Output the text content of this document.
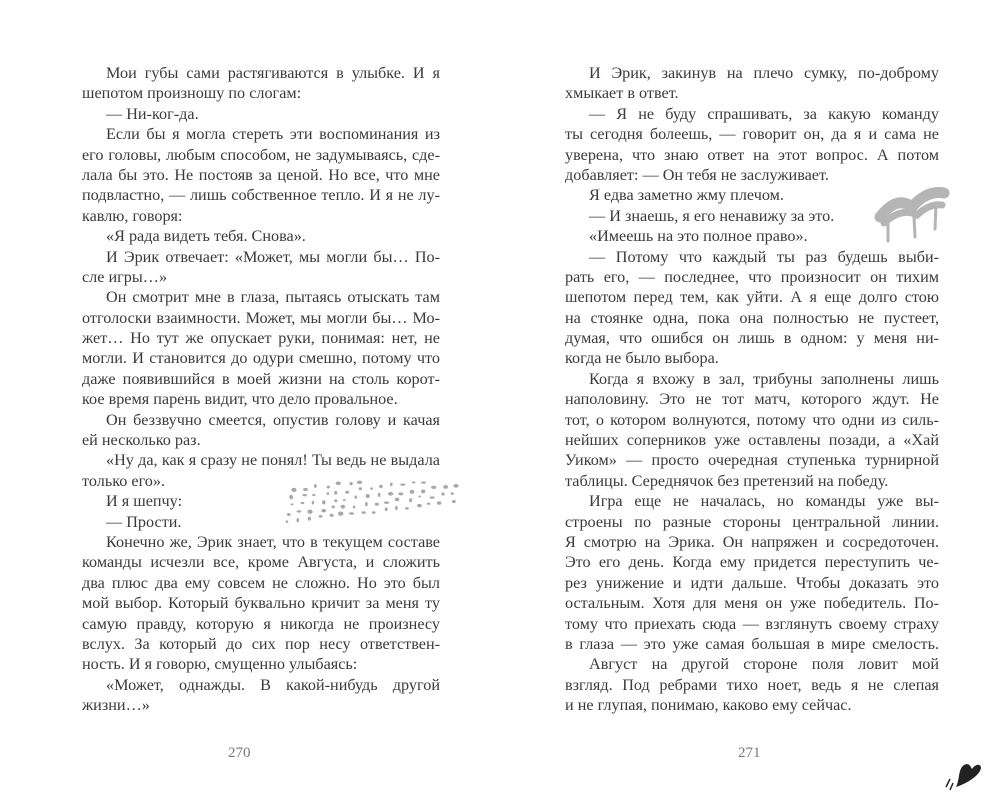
Мои губы сами растягиваются в улыбке. И я
шепотом произношу по слогам:
— Ни-ког-да.
Если бы я могла стереть эти воспоминания из
его головы, любым способом, не задумываясь, сде-
лала бы это. Не постояв за ценой. Но все, что мне
подвластно, — лишь собственное тепло. И я не лу-
кавлю, говоря:
«Я рада видеть тебя. Снова».
И Эрик отвечает: «Может, мы могли бы… По-
сле игры…»
Он смотрит мне в глаза, пытаясь отыскать там
отголоски взаимности. Может, мы могли бы… Мо-
жет… Но тут же опускает руки, понимая: нет, не
могли. И становится до одури смешно, потому что
даже появившийся в моей жизни на столь корот-
кое время парень видит, что дело провальное.
Он беззвучно смеется, опустив голову и качая
ей несколько раз.
«Ну да, как я сразу не понял! Ты ведь не выдала
только его».
И я шепчу:
— Прости.
Конечно же, Эрик знает, что в текущем составе
команды исчезли все, кроме Августа, и сложить
два плюс два ему совсем не сложно. Но это был
мой выбор. Который буквально кричит за меня ту
самую правду, которую я никогда не произнесу
вслух. За который до сих пор несу ответствен-
ность. И я говорю, смущенно улыбаясь:
«Может, однажды. В какой-нибудь другой
жизни…»
И Эрик, закинув на плечо сумку, по-доброму
хмыкает в ответ.
— Я не буду спрашивать, за какую команду
ты сегодня болеешь, — говорит он, да я и сама не
уверена, что знаю ответ на этот вопрос. А потом
добавляет: — Он тебя не заслуживает.
Я едва заметно жму плечом.
— И знаешь, я его ненавижу за это.
«Имеешь на это полное право».
— Потому что каждый ты раз будешь выби-
рать его, — последнее, что произносит он тихим
шепотом перед тем, как уйти. А я еще долго стою
на стоянке одна, пока она полностью не пустеет,
думая, что ошибся он лишь в одном: у меня ни-
когда не было выбора.
Когда я вхожу в зал, трибуны заполнены лишь
наполовину. Это не тот матч, которого ждут. Не
тот, о котором волнуются, потому что одни из силь-
нейших соперников уже оставлены позади, а «Хай
Уиком» — просто очередная ступенька турнирной
таблицы. Середнячок без претензий на победу.
Игра еще не началась, но команды уже вы-
строены по разные стороны центральной линии.
Я смотрю на Эрика. Он напряжен и сосредоточен.
Это его день. Когда ему придется переступить че-
рез унижение и идти дальше. Чтобы доказать это
остальным. Хотя для меня он уже победитель. По-
тому что приехать сюда — взглянуть своему страху
в глаза — это уже самая большая в мире смелость.
Август на другой стороне поля ловит мой
взгляд. Под ребрами тихо ноет, ведь я не слепая
и не глупая, понимаю, каково ему сейчас.
270	271
